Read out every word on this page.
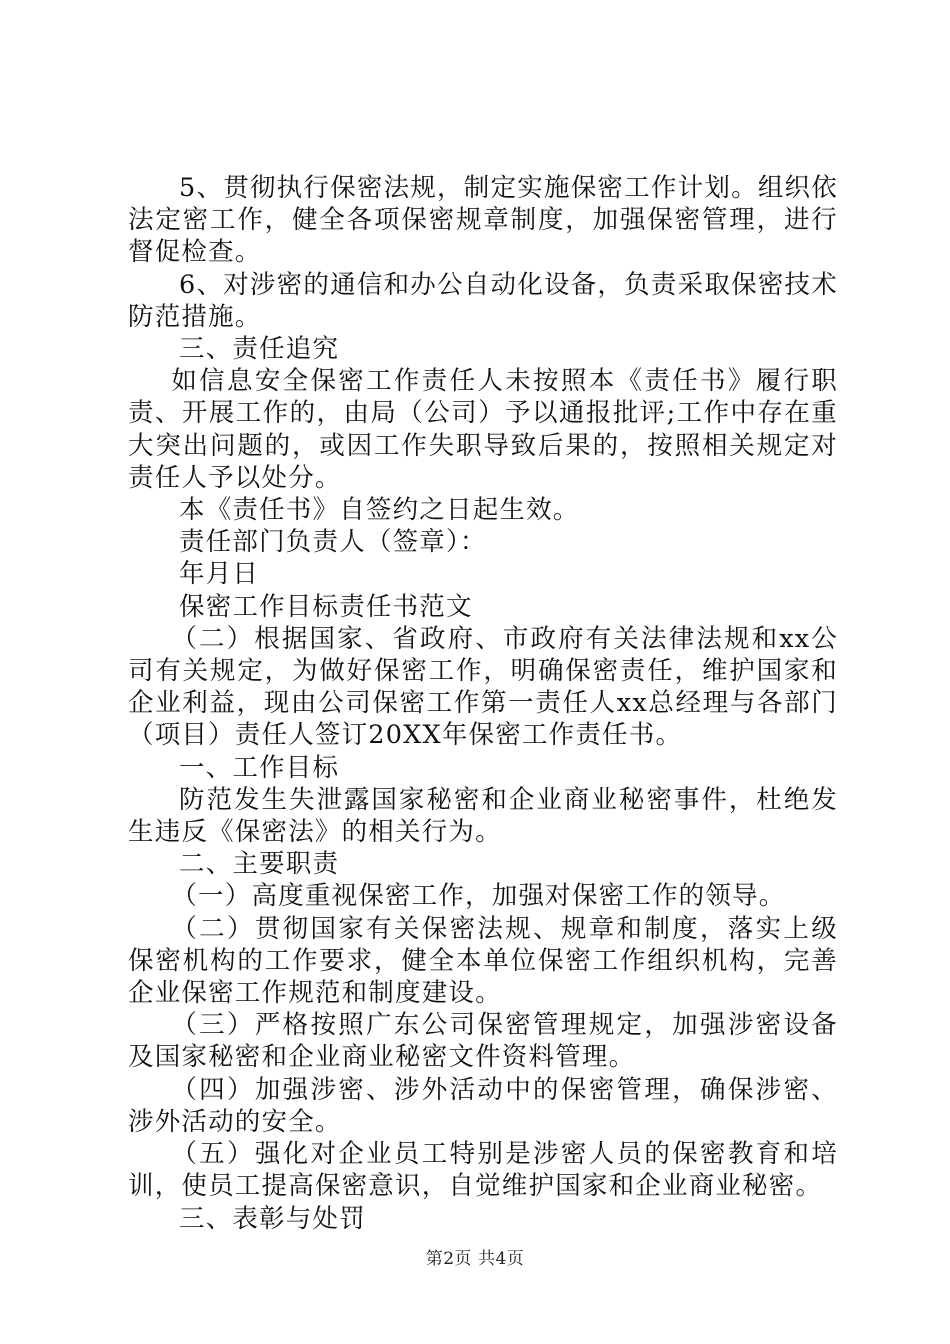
5、贯彻执行保密法规，制定实施保密工作计划。组织依法定密工作，健全各项保密规章制度，加强保密管理，进行督促检查。

6、对涉密的通信和办公自动化设备，负责采取保密技术防范措施。

三、责任追究

如信息安全保密工作责任人未按照本《责任书》履行职责、开展工作的，由局（公司）予以通报批评;工作中存在重大突出问题的，或因工作失职导致后果的，按照相关规定对责任人予以处分。

本《责任书》自签约之日起生效。

责任部门负责人（签章）：

年月日

保密工作目标责任书范文

（二）根据国家、省政府、市政府有关法律法规和xx公司有关规定，为做好保密工作，明确保密责任，维护国家和企业利益，现由公司保密工作第一责任人xx总经理与各部门（项目）责任人签订20XX年保密工作责任书。

一、工作目标

防范发生失泄露国家秘密和企业商业秘密事件，杜绝发生违反《保密法》的相关行为。

二、主要职责

（一）高度重视保密工作，加强对保密工作的领导。

（二）贯彻国家有关保密法规、规章和制度，落实上级保密机构的工作要求，健全本单位保密工作组织机构，完善企业保密工作规范和制度建设。

（三）严格按照广东公司保密管理规定，加强涉密设备及国家秘密和企业商业秘密文件资料管理。

（四）加强涉密、涉外活动中的保密管理，确保涉密、涉外活动的安全。

（五）强化对企业员工特别是涉密人员的保密教育和培训，使员工提高保密意识，自觉维护国家和企业商业秘密。

三、表彰与处罚

第2页 共4页
